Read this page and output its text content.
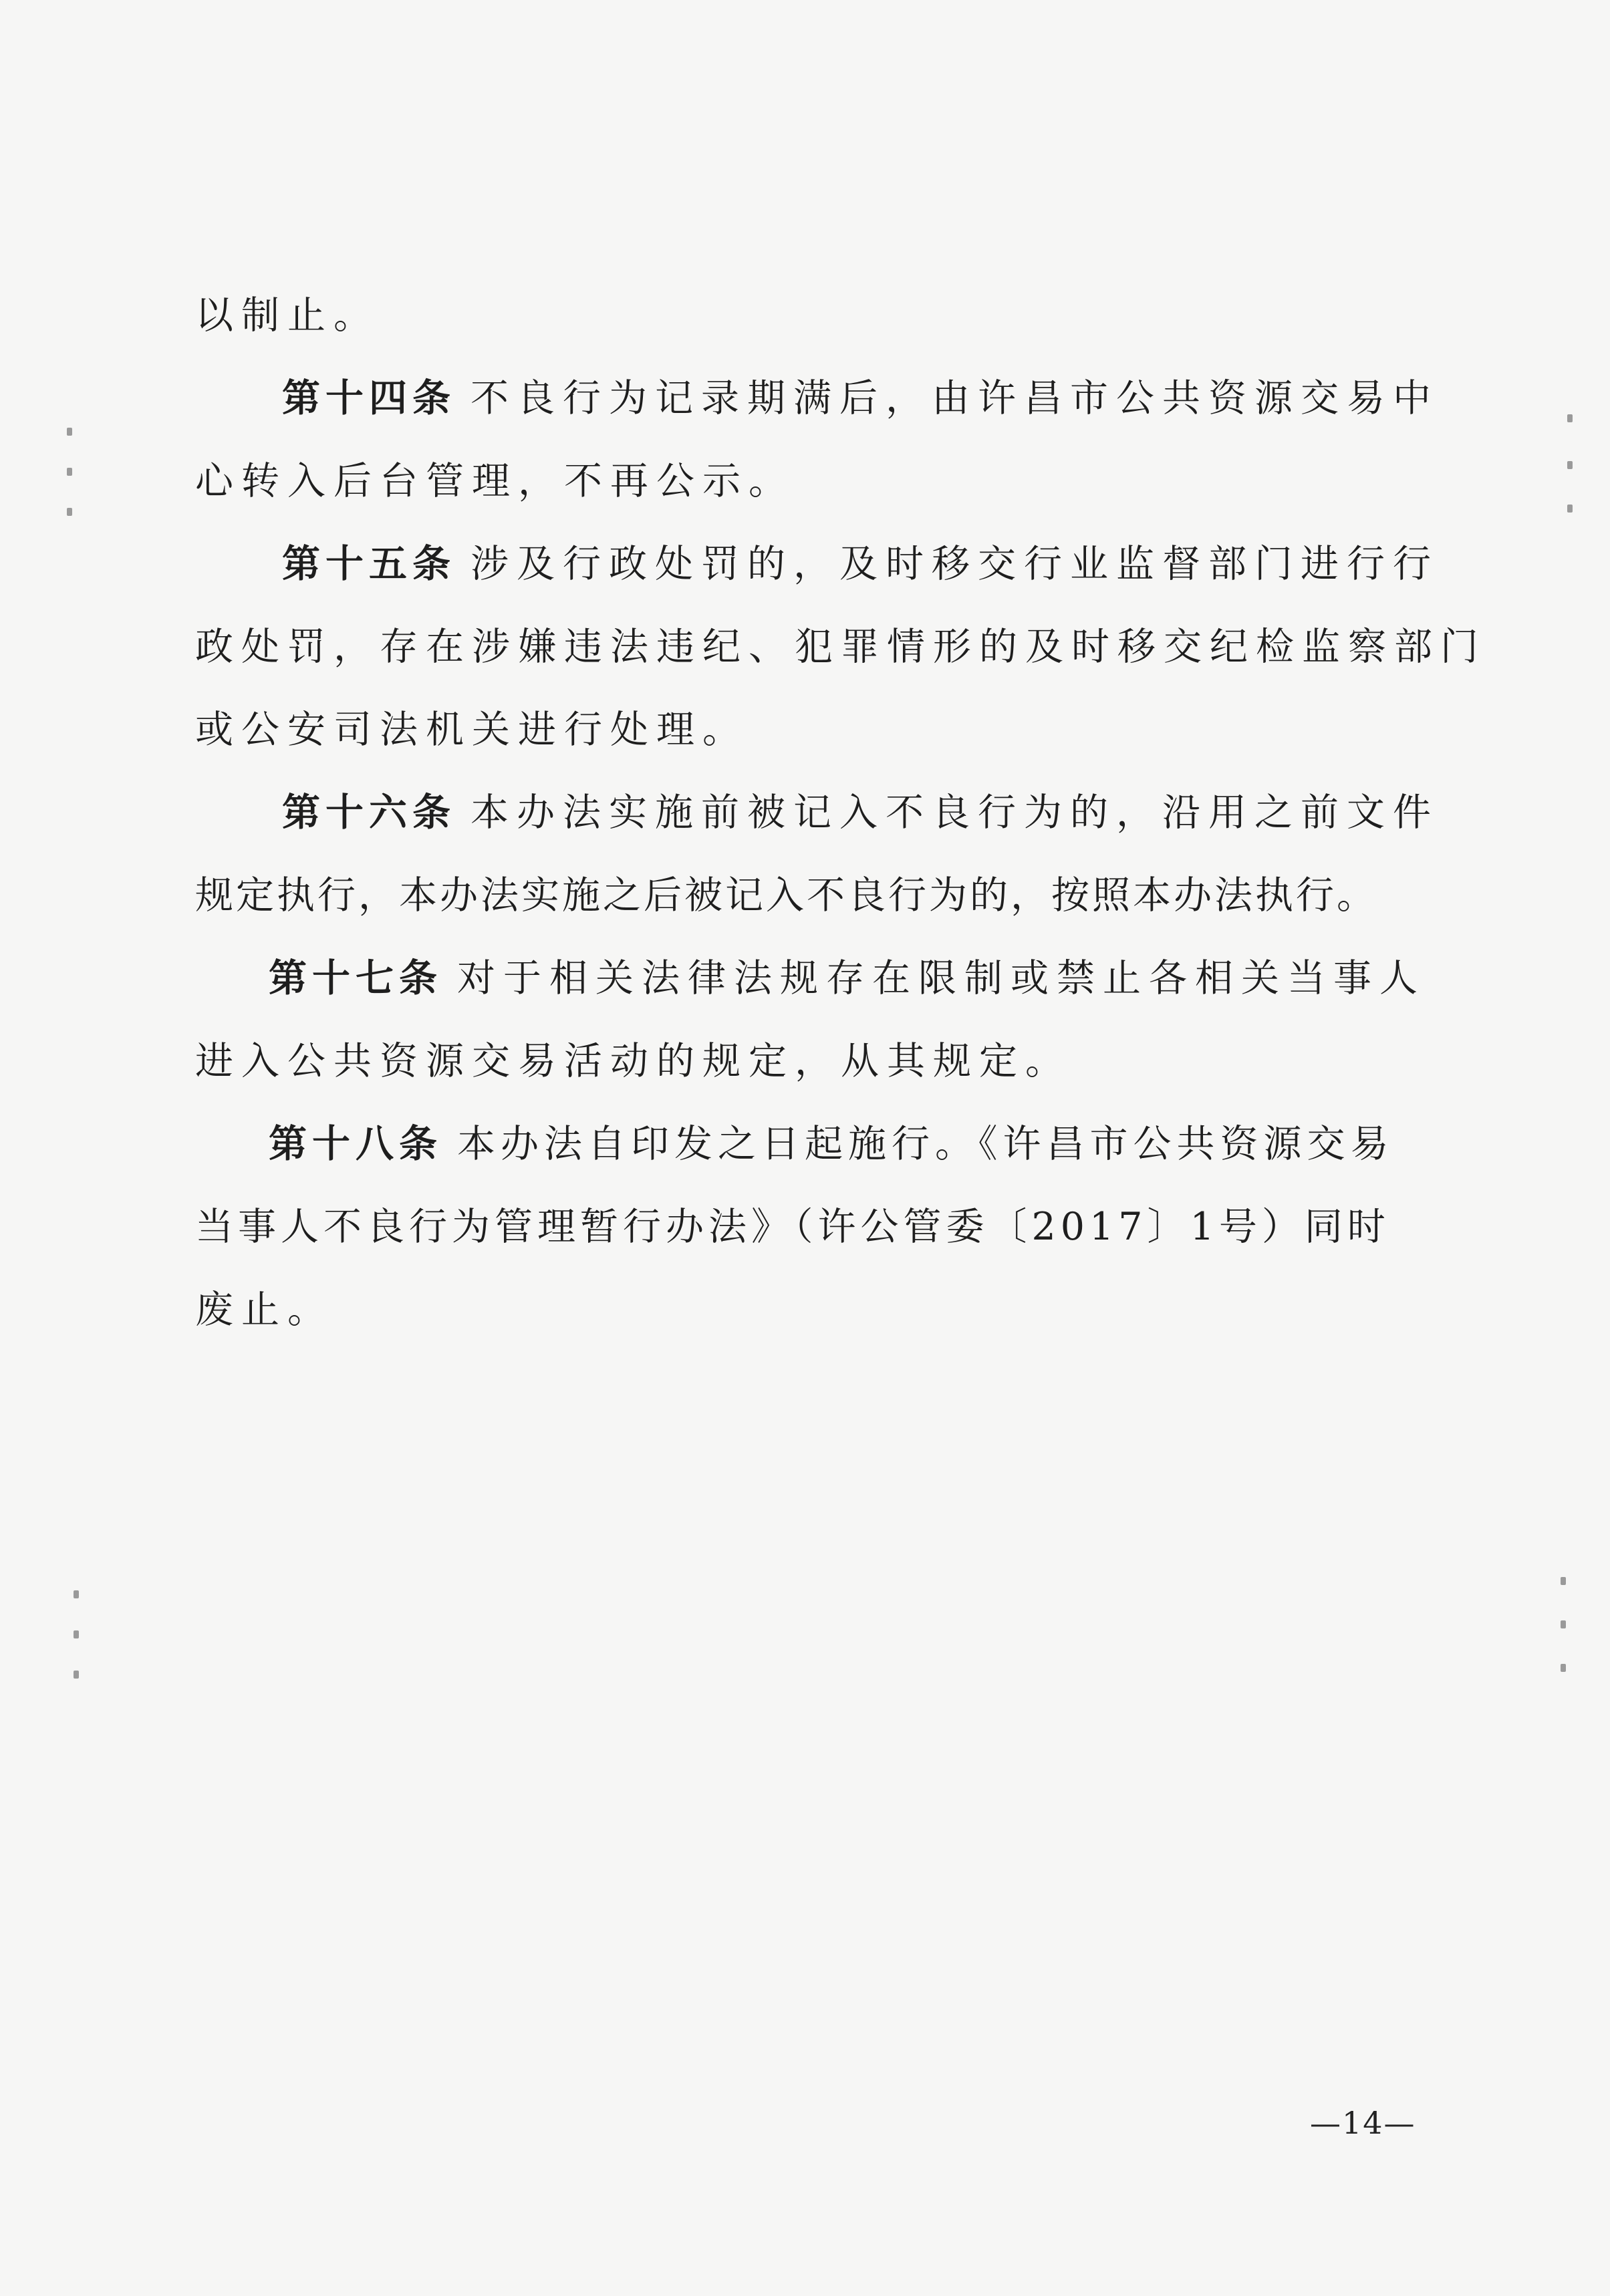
以制止。
第十四条 不良行为记录期满后，由许昌市公共资源交易中
心转入后台管理，不再公示。
第十五条 涉及行政处罚的，及时移交行业监督部门进行行
政处罚，存在涉嫌违法违纪、犯罪情形的及时移交纪检监察部门
或公安司法机关进行处理。
第十六条 本办法实施前被记入不良行为的，沿用之前文件
规定执行，本办法实施之后被记入不良行为的，按照本办法执行。
第十七条 对于相关法律法规存在限制或禁止各相关当事人
进入公共资源交易活动的规定，从其规定。
第十八条 本办法自印发之日起施行。《许昌市公共资源交易
当事人不良行为管理暂行办法》（许公管委〔2017〕1号）同时
废止。
—14—
